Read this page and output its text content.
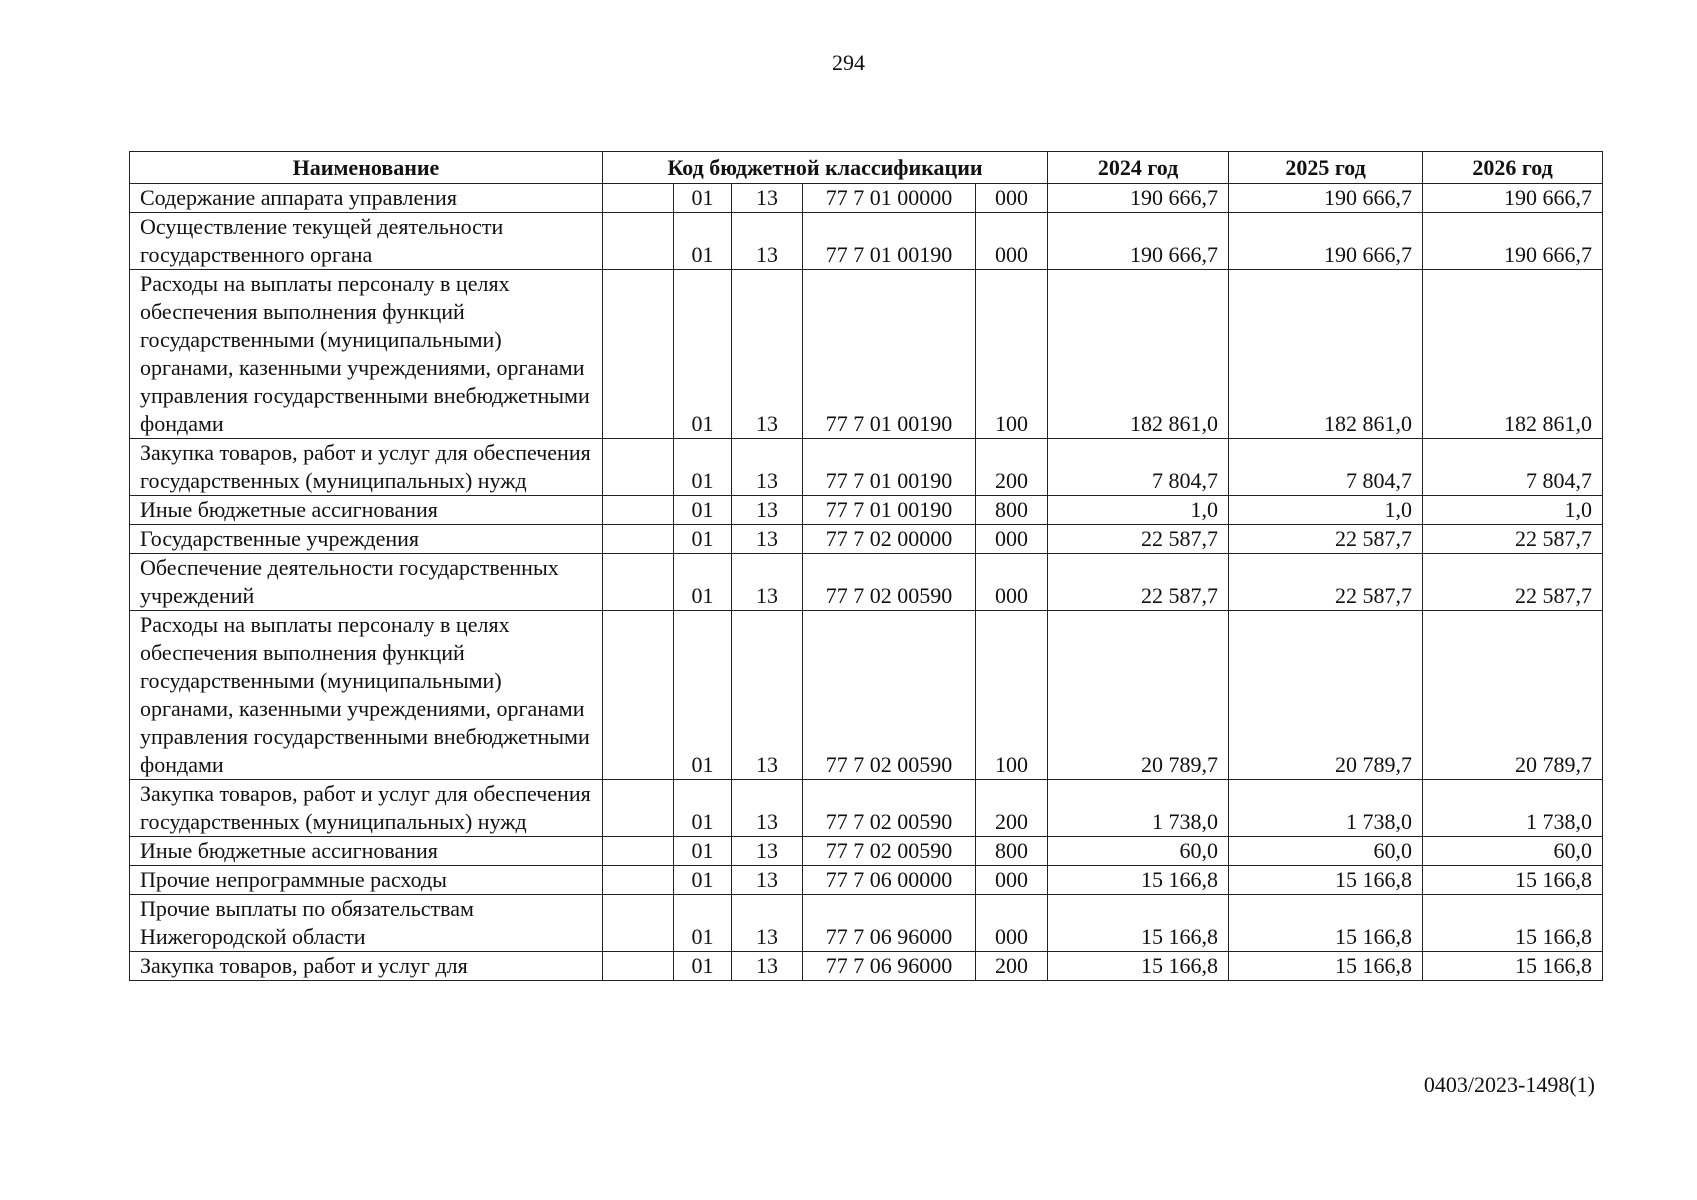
294
Наименование	Код бюджетной классификации					2024 год	2025 год	2026 год
Содержание аппарата управления		01	13	77 7 01 00000	000	190 666,7	190 666,7	190 666,7
Осуществление текущей деятельности государственного органа		01	13	77 7 01 00190	000	190 666,7	190 666,7	190 666,7
Расходы на выплаты персоналу в целях обеспечения выполнения функций государственными (муниципальными) органами, казенными учреждениями, органами управления государственными внебюджетными фондами		01	13	77 7 01 00190	100	182 861,0	182 861,0	182 861,0
Закупка товаров, работ и услуг для обеспечения государственных (муниципальных) нужд		01	13	77 7 01 00190	200	7 804,7	7 804,7	7 804,7
Иные бюджетные ассигнования		01	13	77 7 01 00190	800	1,0	1,0	1,0
Государственные учреждения		01	13	77 7 02 00000	000	22 587,7	22 587,7	22 587,7
Обеспечение деятельности государственных учреждений		01	13	77 7 02 00590	000	22 587,7	22 587,7	22 587,7
Расходы на выплаты персоналу в целях обеспечения выполнения функций государственными (муниципальными) органами, казенными учреждениями, органами управления государственными внебюджетными фондами		01	13	77 7 02 00590	100	20 789,7	20 789,7	20 789,7
Закупка товаров, работ и услуг для обеспечения государственных (муниципальных) нужд		01	13	77 7 02 00590	200	1 738,0	1 738,0	1 738,0
Иные бюджетные ассигнования		01	13	77 7 02 00590	800	60,0	60,0	60,0
Прочие непрограммные расходы		01	13	77 7 06 00000	000	15 166,8	15 166,8	15 166,8
Прочие выплаты по обязательствам Нижегородской области		01	13	77 7 06 96000	000	15 166,8	15 166,8	15 166,8
Закупка товаров, работ и услуг для		01	13	77 7 06 96000	200	15 166,8	15 166,8	15 166,8
0403/2023-1498(1)
